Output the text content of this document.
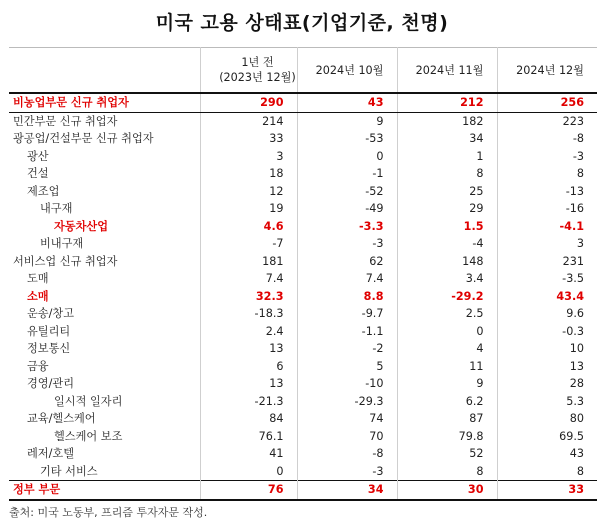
미국 고용 상태표(기업기준, 천명)
	1년 전
(2023년 12월)	2024년 10월	2024년 11월	2024년 12월
비농업부문 신규 취업자	290	43	212	256
민간부문 신규 취업자	214	9	182	223
광공업/건설부문 신규 취업자	33	-53	34	-8
광산	3	0	1	-3
건설	18	-1	8	8
제조업	12	-52	25	-13
내구재	19	-49	29	-16
자동차산업	4.6	-3.3	1.5	-4.1
비내구재	-7	-3	-4	3
서비스업 신규 취업자	181	62	148	231
도매	7.4	7.4	3.4	-3.5
소매	32.3	8.8	-29.2	43.4
운송/창고	-18.3	-9.7	2.5	9.6
유틸리티	2.4	-1.1	0	-0.3
정보통신	13	-2	4	10
금융	6	5	11	13
경영/관리	13	-10	9	28
일시적 일자리	-21.3	-29.3	6.2	5.3
교육/헬스케어	84	74	87	80
헬스케어 보조	76.1	70	79.8	69.5
레저/호텔	41	-8	52	43
기타 서비스	0	-3	8	8
정부 부문	76	34	30	33
출처: 미국 노동부, 프리즘 투자자문 작성.
